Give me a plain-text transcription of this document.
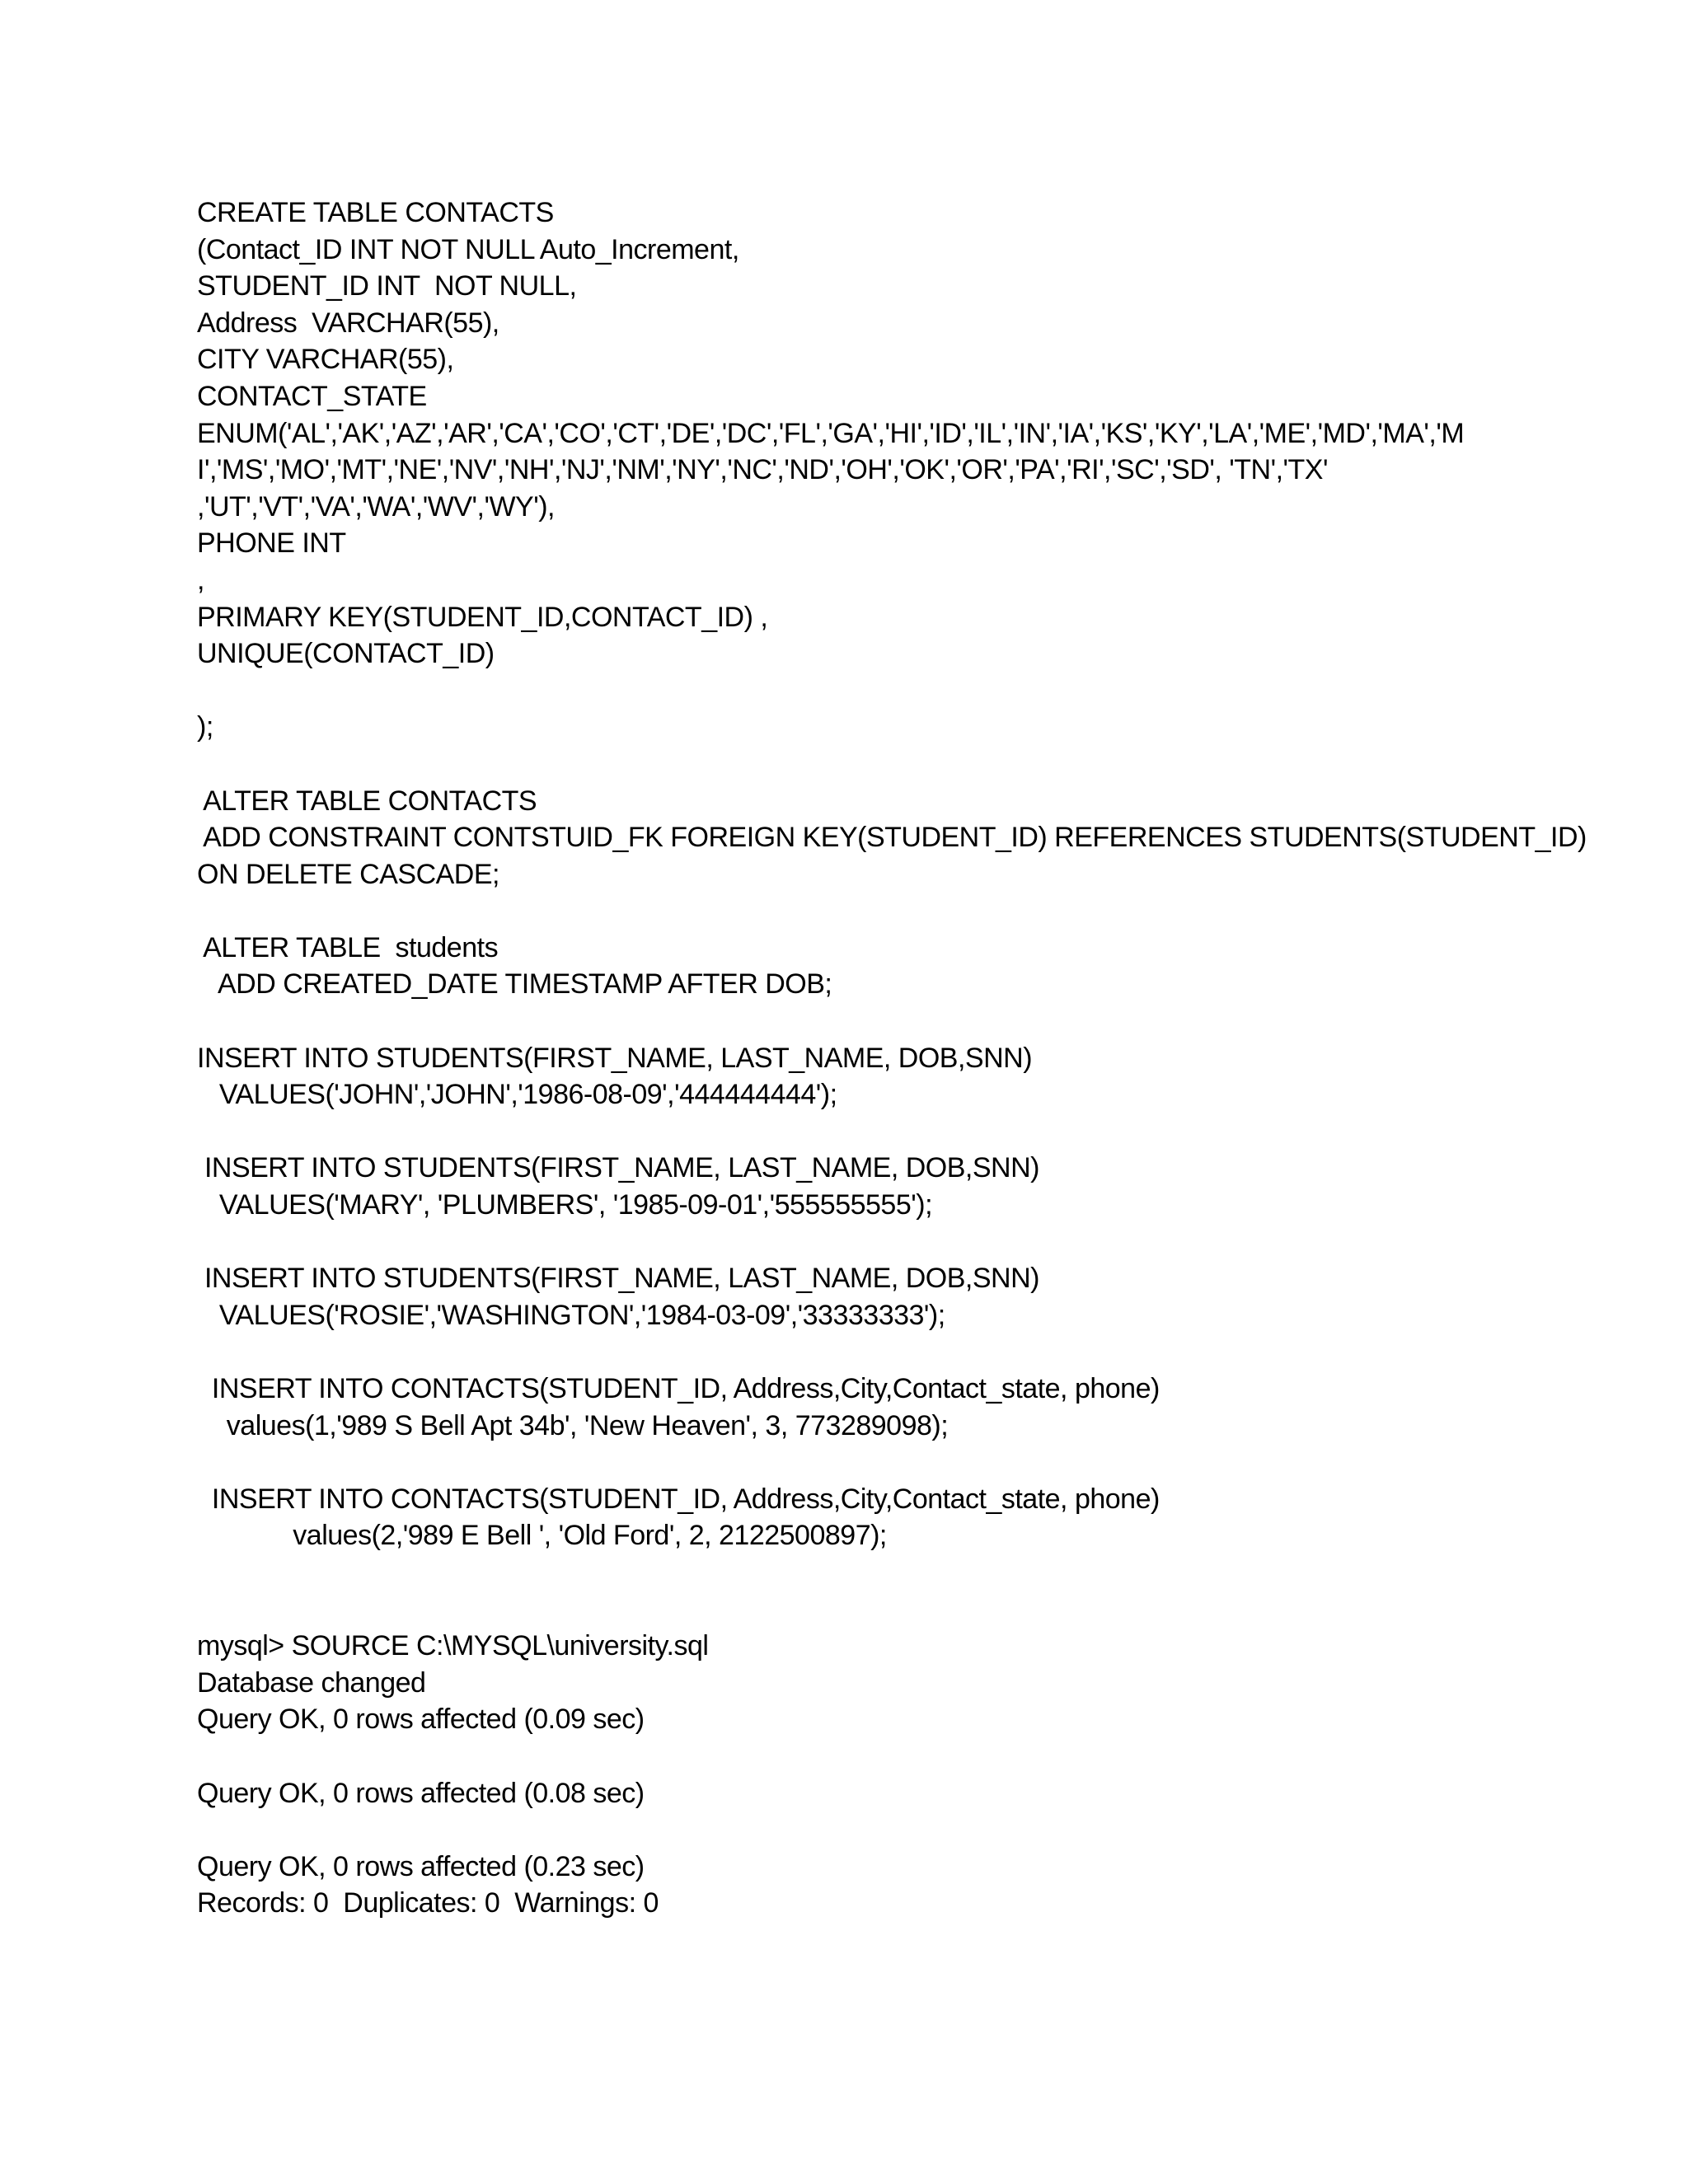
CREATE TABLE CONTACTS
(Contact_ID INT NOT NULL Auto_Increment,
STUDENT_ID INT  NOT NULL,
Address  VARCHAR(55),
CITY VARCHAR(55),
CONTACT_STATE
ENUM('AL','AK','AZ','AR','CA','CO','CT','DE','DC','FL','GA','HI','ID','IL','IN','IA','KS','KY','LA','ME','MD','MA','M
I','MS','MO','MT','NE','NV','NH','NJ','NM','NY','NC','ND','OH','OK','OR','PA','RI','SC','SD', 'TN','TX'
,'UT','VT','VA','WA','WV','WY'),
PHONE INT
,
PRIMARY KEY(STUDENT_ID,CONTACT_ID) ,
UNIQUE(CONTACT_ID)
);
ALTER TABLE CONTACTS
ADD CONSTRAINT CONTSTUID_FK FOREIGN KEY(STUDENT_ID) REFERENCES STUDENTS(STUDENT_ID)
ON DELETE CASCADE;
ALTER TABLE  students
ADD CREATED_DATE TIMESTAMP AFTER DOB;
INSERT INTO STUDENTS(FIRST_NAME, LAST_NAME, DOB,SNN)
VALUES('JOHN','JOHN','1986-08-09','444444444');
INSERT INTO STUDENTS(FIRST_NAME, LAST_NAME, DOB,SNN)
VALUES('MARY', 'PLUMBERS', '1985-09-01','555555555');
INSERT INTO STUDENTS(FIRST_NAME, LAST_NAME, DOB,SNN)
VALUES('ROSIE','WASHINGTON','1984-03-09','33333333');
INSERT INTO CONTACTS(STUDENT_ID, Address,City,Contact_state, phone)
values(1,'989 S Bell Apt 34b', 'New Heaven', 3, 773289098);
INSERT INTO CONTACTS(STUDENT_ID, Address,City,Contact_state, phone)
values(2,'989 E Bell ', 'Old Ford', 2, 2122500897);
mysql> SOURCE C:\MYSQL\university.sql
Database changed
Query OK, 0 rows affected (0.09 sec)
Query OK, 0 rows affected (0.08 sec)
Query OK, 0 rows affected (0.23 sec)
Records: 0  Duplicates: 0  Warnings: 0
